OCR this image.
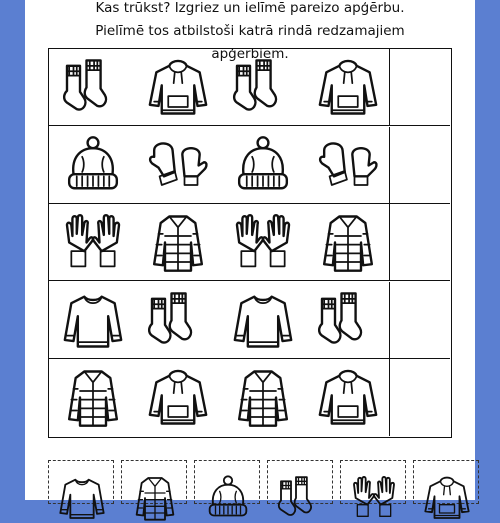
Kas trūkst? Izgriez un ielīmē pareizo apģērbu.
Pielīmē tos atbilstoši katrā rindā redzamajiem
apģērbiem.
